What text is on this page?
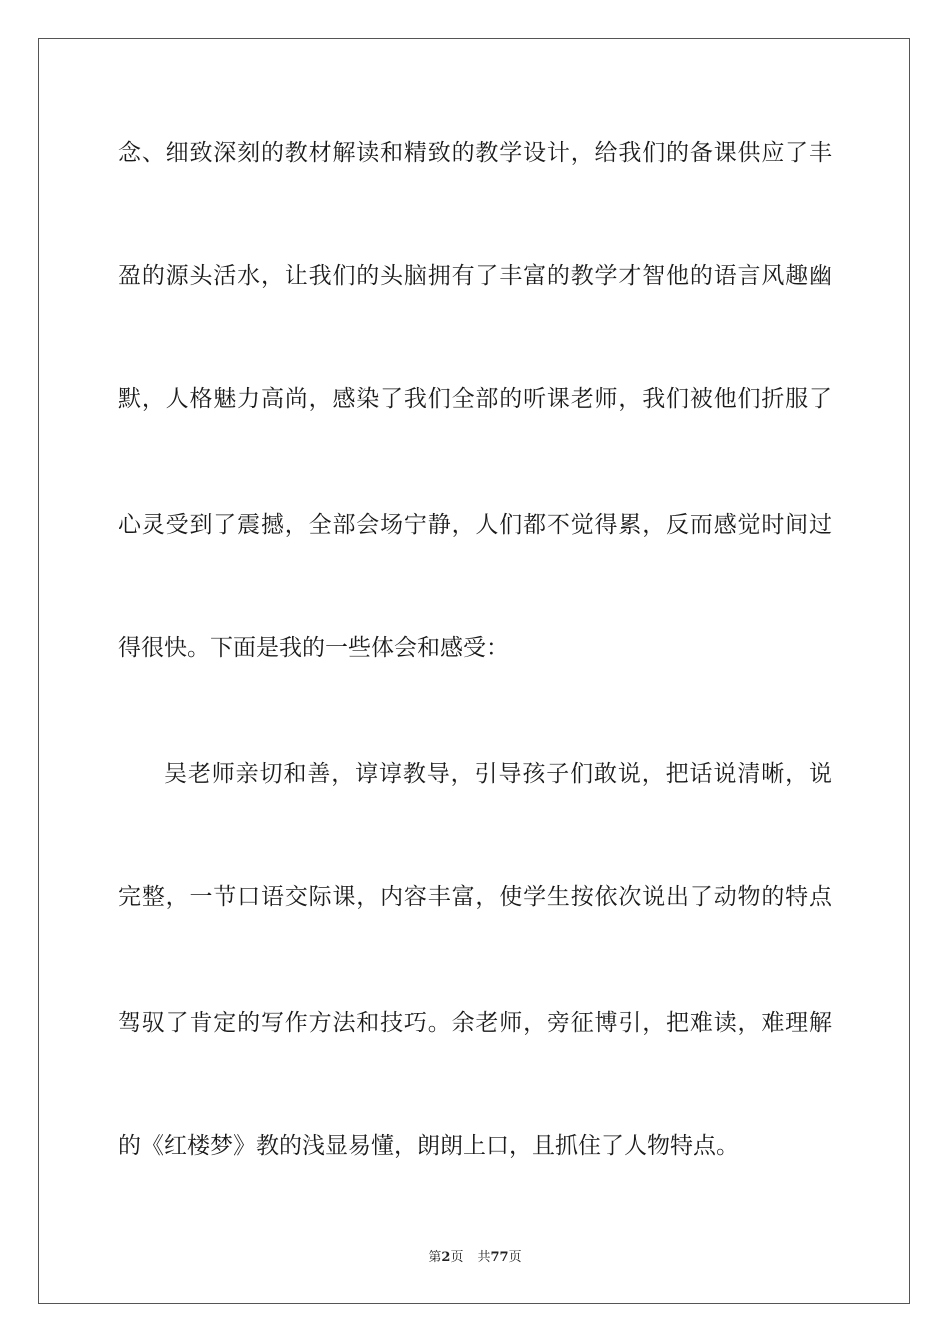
念、细致深刻的教材解读和精致的教学设计，给我们的备课供应了丰
盈的源头活水，让我们的头脑拥有了丰富的教学才智他的语言风趣幽
默，人格魅力高尚，感染了我们全部的听课老师，我们被他们折服了
心灵受到了震撼，全部会场宁静，人们都不觉得累，反而感觉时间过
得很快。下面是我的一些体会和感受：
吴老师亲切和善，谆谆教导，引导孩子们敢说，把话说清晰，说
完整，一节口语交际课，内容丰富，使学生按依次说出了动物的特点
驾驭了肯定的写作方法和技巧。余老师，旁征博引，把难读，难理解
的《红楼梦》教的浅显易懂，朗朗上口，且抓住了人物特点。
第2页 共77页
